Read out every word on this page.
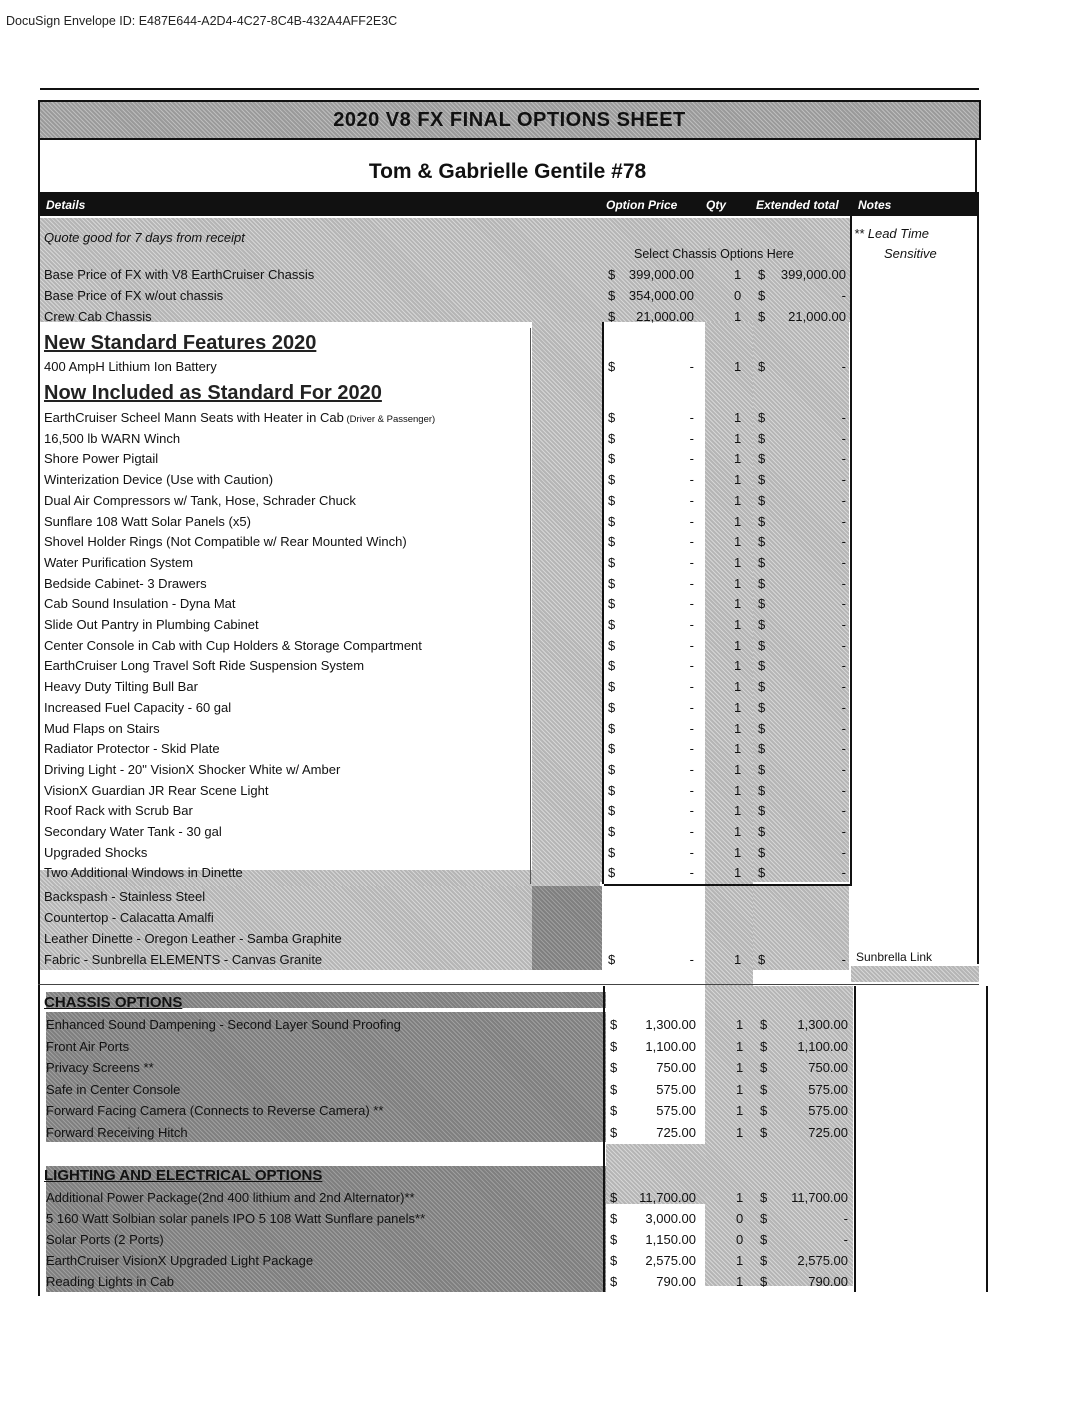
DocuSign Envelope ID: E487E644-A2D4-4C27-8C4B-432A4AFF2E3C
2020 V8 FX FINAL OPTIONS SHEET
Tom & Gabrielle Gentile #78
Details	Option Price Qty Extended total Notes
** Lead Time
Sensitive
Quote good for 7 days from receipt
Select Chassis Options Here
Base Price of FX with V8 EarthCruiser Chassis	$	399,000.00	1 $	399,000.00
Base Price of FX w/out chassis	$	354,000.00	0 $	-
Crew Cab Chassis	$	21,000.00	1 $	21,000.00
New Standard Features 2020
400 AmpH Lithium Ion Battery	$	-	1 $	-
Now Included as Standard For 2020
EarthCruiser Scheel Mann Seats with Heater in Cab (Driver & Passenger)	$	-	1 $	-
16,500 lb WARN Winch	$	-	1 $	-
Shore Power Pigtail	$	-	1 $	-
Winterization Device (Use with Caution)	$	-	1 $	-
Dual Air Compressors w/ Tank, Hose, Schrader Chuck	$	-	1 $	-
Sunflare 108 Watt Solar Panels (x5)	$	-	1 $	-
Shovel Holder Rings (Not Compatible w/ Rear Mounted Winch)	$	-	1 $	-
Water Purification System	$	-	1 $	-
Bedside Cabinet- 3 Drawers	$	-	1 $	-
Cab Sound Insulation - Dyna Mat	$	-	1 $	-
Slide Out Pantry in Plumbing Cabinet	$	-	1 $	-
Center Console in Cab with Cup Holders & Storage Compartment	$	-	1 $	-
EarthCruiser Long Travel Soft Ride Suspension System	$	-	1 $	-
Heavy Duty Tilting Bull Bar	$	-	1 $	-
Increased Fuel Capacity - 60 gal	$	-	1 $	-
Mud Flaps on Stairs	$	-	1 $	-
Radiator Protector - Skid Plate	$	-	1 $	-
Driving Light - 20" VisionX Shocker White w/ Amber	$	-	1 $	-
VisionX Guardian JR Rear Scene Light	$	-	1 $	-
Roof Rack with Scrub Bar	$	-	1 $	-
Secondary Water Tank - 30 gal	$	-	1 $	-
Upgraded Shocks	$	-	1 $	-
Two Additional Windows in Dinette	$	-	1 $	-
Backspash - Stainless Steel
Countertop - Calacatta Amalfi
Leather Dinette - Oregon Leather - Samba Graphite
Fabric - Sunbrella ELEMENTS - Canvas Granite	$	-	1 $	- Sunbrella Link
CHASSIS OPTIONS
Enhanced Sound Dampening - Second Layer Sound Proofing	$	1,300.00	1 $	1,300.00
Front Air Ports	$	1,100.00	1 $	1,100.00
Privacy Screens **	$	750.00	1 $	750.00
Safe in Center Console	$	575.00	1 $	575.00
Forward Facing Camera (Connects to Reverse Camera) **	$	575.00	1 $	575.00
Forward Receiving Hitch	$	725.00	1 $	725.00
LIGHTING AND ELECTRICAL OPTIONS
Additional Power Package(2nd 400 lithium and 2nd Alternator)**	$	11,700.00	1 $	11,700.00
5 160 Watt Solbian solar panels IPO 5 108 Watt Sunflare panels**	$	3,000.00	0 $	-
Solar Ports (2 Ports)	$	1,150.00	0 $	-
EarthCruiser VisionX Upgraded Light Package	$	2,575.00	1 $	2,575.00
Reading Lights in Cab	$	790.00	1 $	790.00
